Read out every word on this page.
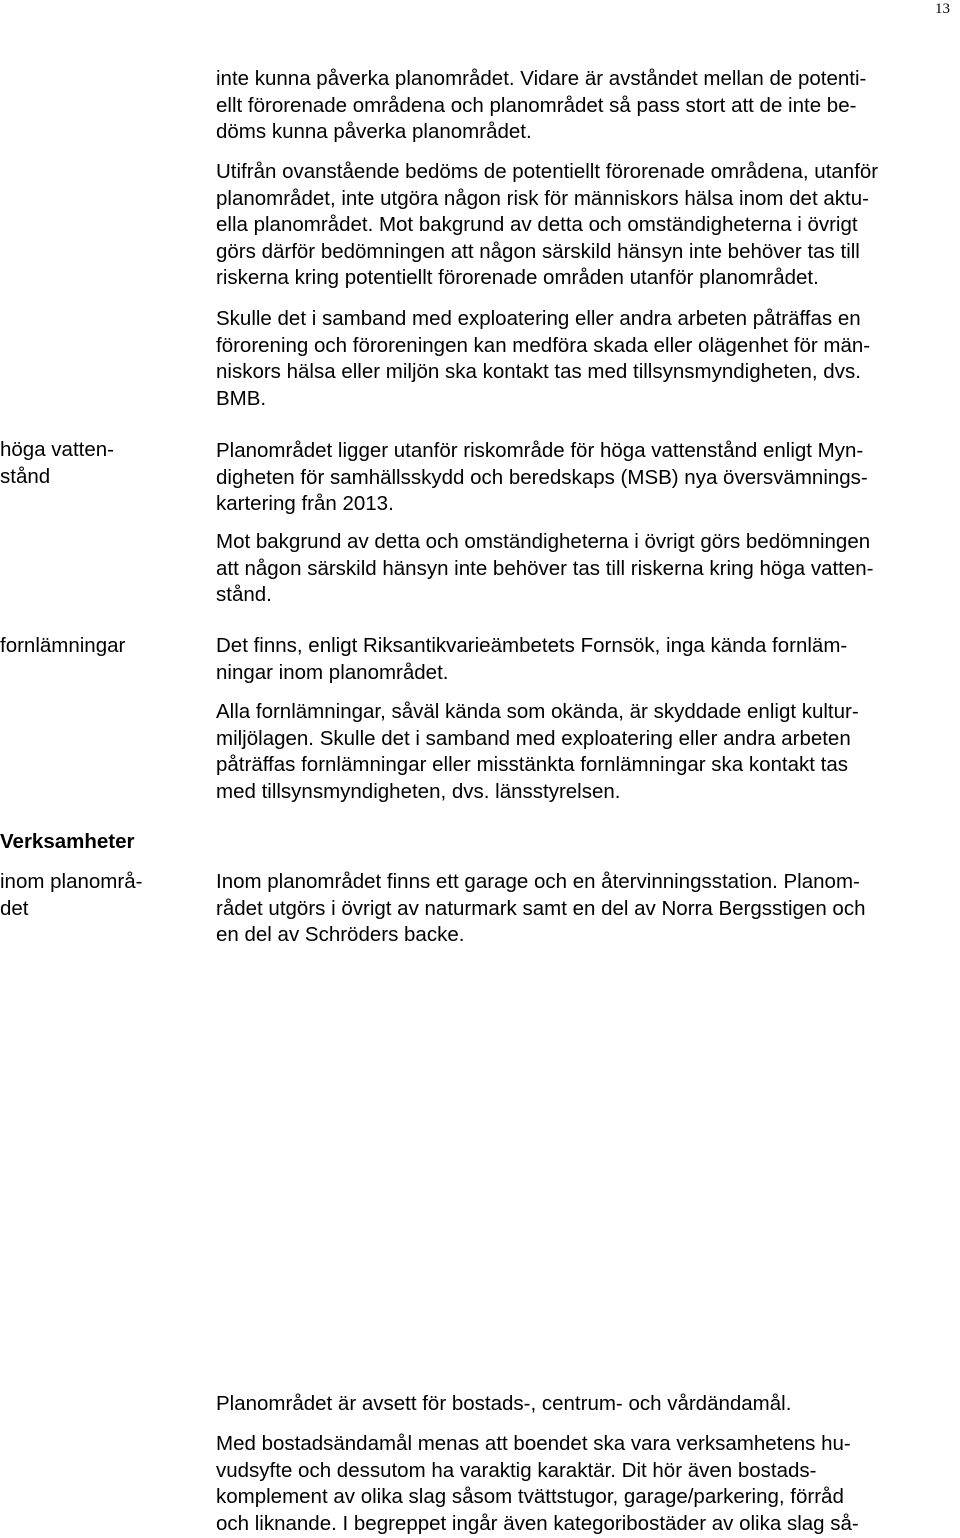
13

inte kunna påverka planområdet. Vidare är avståndet mellan de potenti-

ellt förorenade områdena och planområdet så pass stort att de inte be-

döms kunna påverka planområdet.

Utifrån ovanstående bedöms de potentiellt förorenade områdena, utanför

planområdet, inte utgöra någon risk för människors hälsa inom det aktu-

ella planområdet. Mot bakgrund av detta och omständigheterna i övrigt

görs därför bedömningen att någon särskild hänsyn inte behöver tas till

riskerna kring potentiellt förorenade områden utanför planområdet.

Skulle det i samband med exploatering eller andra arbeten påträffas en

förorening och föroreningen kan medföra skada eller olägenhet för män-

niskors hälsa eller miljön ska kontakt tas med tillsynsmyndigheten, dvs.

BMB.

Planområdet ligger utanför riskområde för höga vattenstånd enligt Myn-

digheten för samhällsskydd och beredskaps (MSB) nya översvämnings-

kartering från 2013.

Mot bakgrund av detta och omständigheterna i övrigt görs bedömningen

att någon särskild hänsyn inte behöver tas till riskerna kring höga vatten-

stånd.

Det finns, enligt Riksantikvarieämbetets Fornsök, inga kända fornläm-

ningar inom planområdet.

Alla fornlämningar, såväl kända som okända, är skyddade enligt kultur-

miljölagen. Skulle det i samband med exploatering eller andra arbeten

påträffas fornlämningar eller misstänkta fornlämningar ska kontakt tas

med tillsynsmyndigheten, dvs. länsstyrelsen.

Inom planområdet finns ett garage och en återvinningsstation. Planom-

rådet utgörs i övrigt av naturmark samt en del av Norra Bergsstigen och

en del av Schröders backe.

Planområdet är avsett för bostads-, centrum- och vårdändamål.

Med bostadsändamål menas att boendet ska vara verksamhetens hu-

vudsyfte och dessutom ha varaktig karaktär. Dit hör även bostads-

komplement av olika slag såsom tvättstugor, garage/parkering, förråd

och liknande. I begreppet ingår även kategoribostäder av olika slag så-

höga vatten-

stånd

fornlämningar

Verksamheter

inom planområ-

det
